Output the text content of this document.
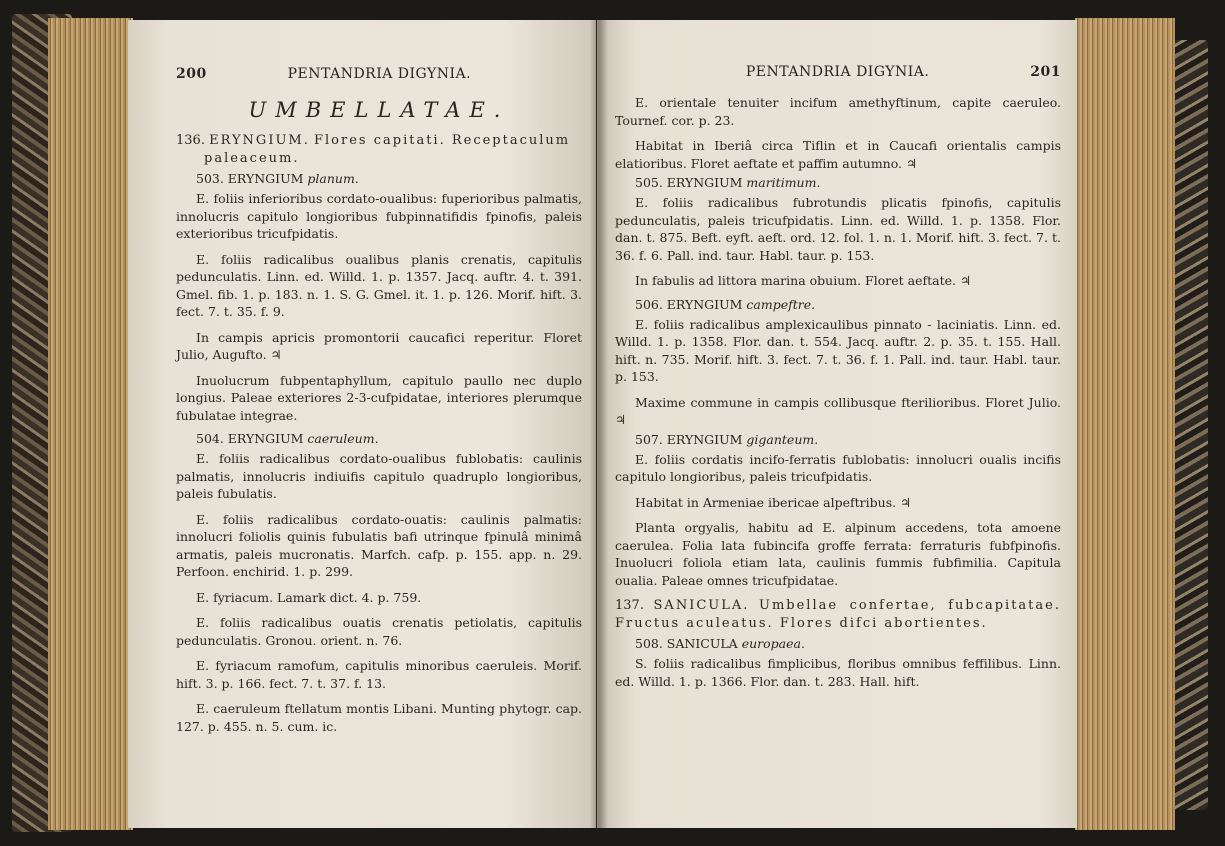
200	PENTANDRIA DIGYNIA.
UMBELLATAE.

136. ERYNGIUM. Flores capitati. Receptaculum
paleaceum.

503. ERYNGIUM planum.

E. foliis inferioribus cordato-oualibus: fuperioribus palmatis, innolucris capitulo longioribus fubpinnatifidis fpinofis, paleis exterioribus tricufpidatis.

E. foliis radicalibus oualibus planis crenatis, capitulis pedunculatis. Linn. ed. Willd. 1. p. 1357. Jacq. auftr. 4. t. 391. Gmel. fib. 1. p. 183. n. 1. S. G. Gmel. it. 1. p. 126. Morif. hift. 3. fect. 7. t. 35. f. 9.

In campis apricis promontorii caucafici reperitur. Floret Julio, Augufto. ♃

Inuolucrum fubpentaphyllum, capitulo paullo nec duplo longius. Paleae exteriores 2-3-cufpidatae, interiores plerumque fubulatae integrae.

504. ERYNGIUM caeruleum.

E. foliis radicalibus cordato-oualibus fublobatis: caulinis palmatis, innolucris indiuifis capitulo quadruplo longioribus, paleis fubulatis.

E. foliis radicalibus cordato-ouatis: caulinis palmatis: innolucri foliolis quinis fubulatis bafi utrinque fpinulâ minimâ armatis, paleis mucronatis. Marfch. cafp. p. 155. app. n. 29. Perfoon. enchirid. 1. p. 299.

E. fyriacum. Lamark dict. 4. p. 759.

E. foliis radicalibus ouatis crenatis petiolatis, capitulis pedunculatis. Gronou. orient. n. 76.

E. fyriacum ramofum, capitulis minoribus caeruleis. Morif. hift. 3. p. 166. fect. 7. t. 37. f. 13.

E. caeruleum ftellatum montis Libani. Munting phytogr. cap. 127. p. 455. n. 5. cum. ic.

PENTANDRIA DIGYNIA.	201

E. orientale tenuiter incifum amethyftinum, capite caeruleo. Tournef. cor. p. 23.

Habitat in Iberiâ circa Tiflin et in Caucafi orientalis campis elatioribus. Floret aeftate et paffim autumno. ♃

505. ERYNGIUM maritimum.

E. foliis radicalibus fubrotundis plicatis fpinofis, capitulis pedunculatis, paleis tricufpidatis. Linn. ed. Willd. 1. p. 1358. Flor. dan. t. 875. Beft. eyft. aeft. ord. 12. fol. 1. n. 1. Morif. hift. 3. fect. 7. t. 36. f. 6. Pall. ind. taur. Habl. taur. p. 153.

In fabulis ad littora marina obuium. Floret aeftate. ♃

506. ERYNGIUM campeftre.

E. foliis radicalibus amplexicaulibus pinnato - laciniatis. Linn. ed. Willd. 1. p. 1358. Flor. dan. t. 554. Jacq. auftr. 2. p. 35. t. 155. Hall. hift. n. 735. Morif. hift. 3. fect. 7. t. 36. f. 1. Pall. ind. taur. Habl. taur. p. 153.

Maxime commune in campis collibusque fterilioribus. Floret Julio. ♃

507. ERYNGIUM giganteum.

E. foliis cordatis incifo-ferratis fublobatis: innolucri oualis incifis capitulo longioribus, paleis tricufpidatis.

Habitat in Armeniae ibericae alpeftribus. ♃

Planta orgyalis, habitu ad E. alpinum accedens, tota amoene caerulea. Folia lata fubincifa groffe ferrata: ferraturis fubfpinofis. Inuolucri foliola etiam lata, caulinis fummis fubfimilia. Capitula oualia. Paleae omnes tricufpidatae.

137. SANICULA. Umbellae confertae, fubcapitatae. Fructus aculeatus. Flores difci abortientes.

508. SANICULA europaea.

S. foliis radicalibus fimplicibus, floribus omnibus feffilibus. Linn. ed. Willd. 1. p. 1366. Flor. dan. t. 283. Hall. hift.
